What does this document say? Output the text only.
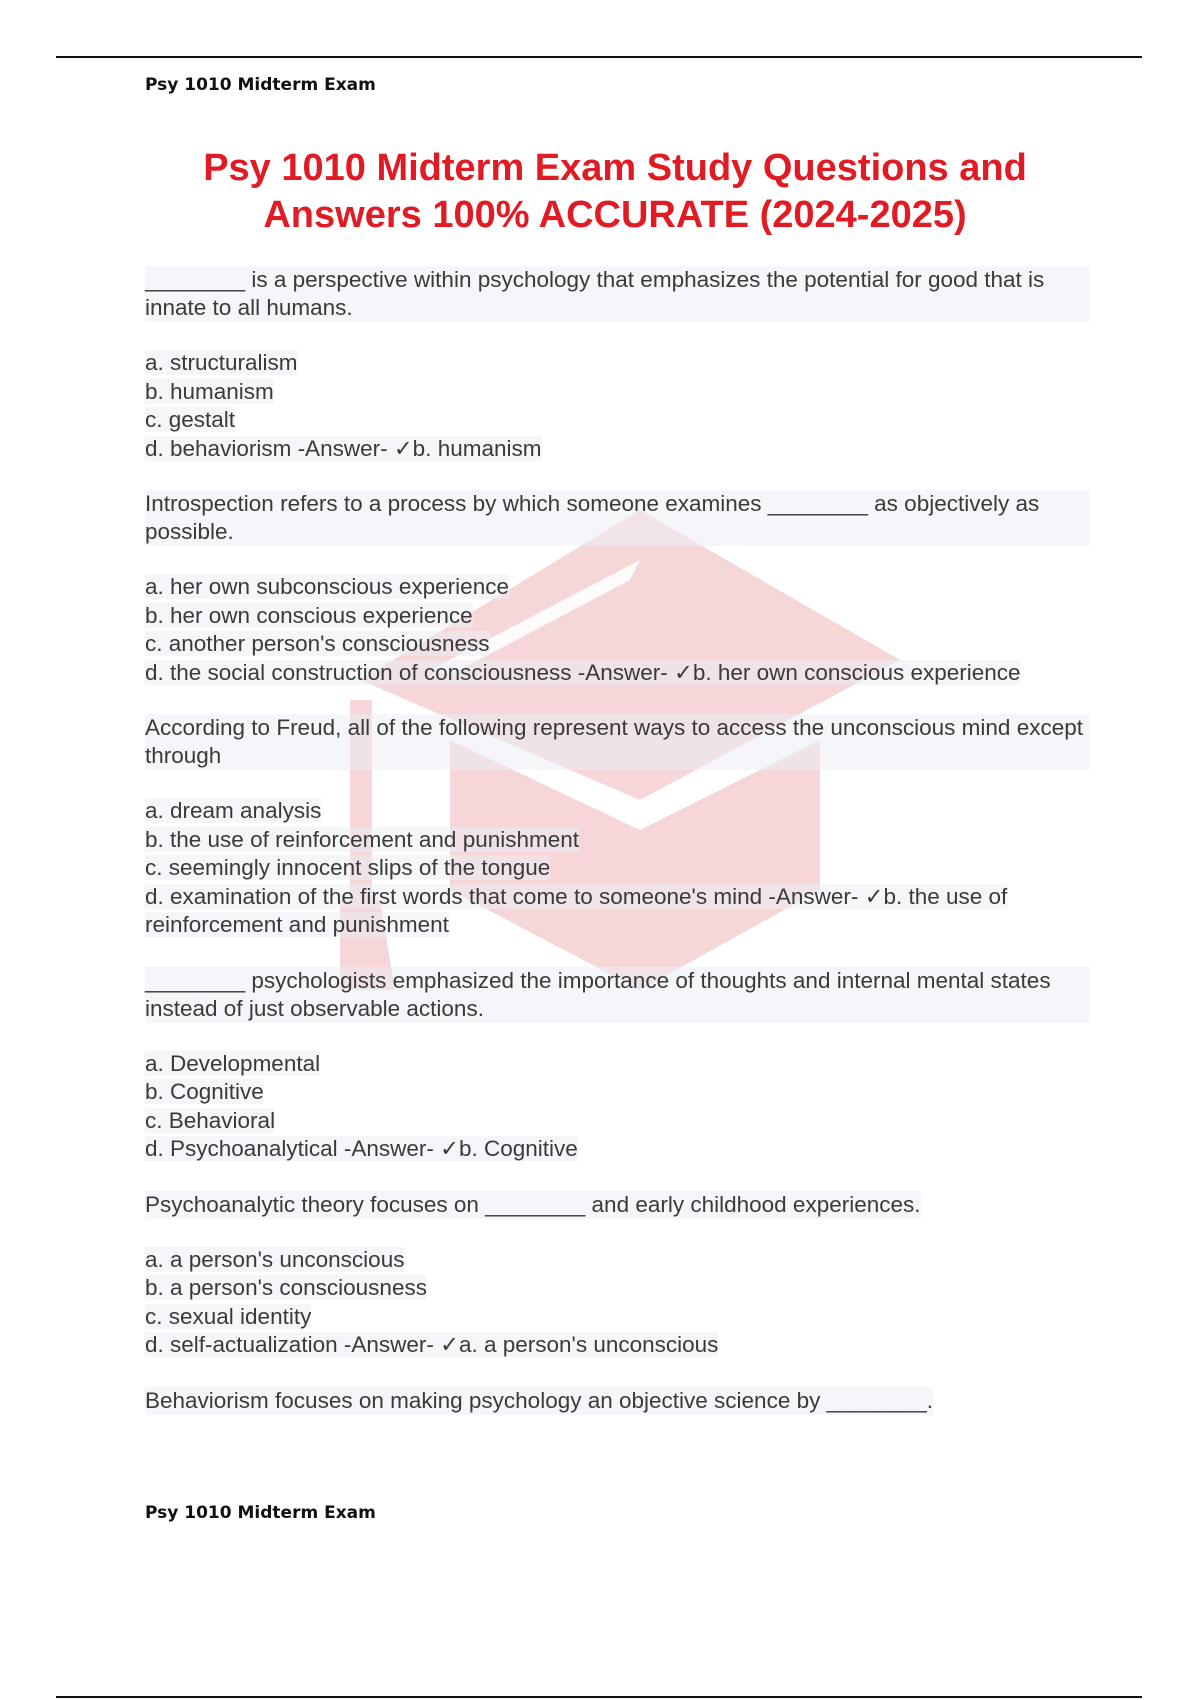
Psy 1010 Midterm Exam
Psy 1010 Midterm Exam Study Questions and Answers 100% ACCURATE (2024-2025)

________ is a perspective within psychology that emphasizes the potential for good that is innate to all humans.

a. structuralism

b. humanism

c. gestalt

d. behaviorism -Answer- ✓b. humanism

Introspection refers to a process by which someone examines ________ as objectively as possible.

a. her own subconscious experience

b. her own conscious experience

c. another person's consciousness

d. the social construction of consciousness -Answer- ✓b. her own conscious experience

According to Freud, all of the following represent ways to access the unconscious mind except through

a. dream analysis

b. the use of reinforcement and punishment

c. seemingly innocent slips of the tongue

d. examination of the first words that come to someone's mind -Answer- ✓b. the use of reinforcement and punishment

________ psychologists emphasized the importance of thoughts and internal mental states instead of just observable actions.

a. Developmental

b. Cognitive

c. Behavioral

d. Psychoanalytical -Answer- ✓b. Cognitive

Psychoanalytic theory focuses on ________ and early childhood experiences.

a. a person's unconscious

b. a person's consciousness

c. sexual identity

d. self-actualization -Answer- ✓a. a person's unconscious

Behaviorism focuses on making psychology an objective science by ________.

Psy 1010 Midterm Exam
